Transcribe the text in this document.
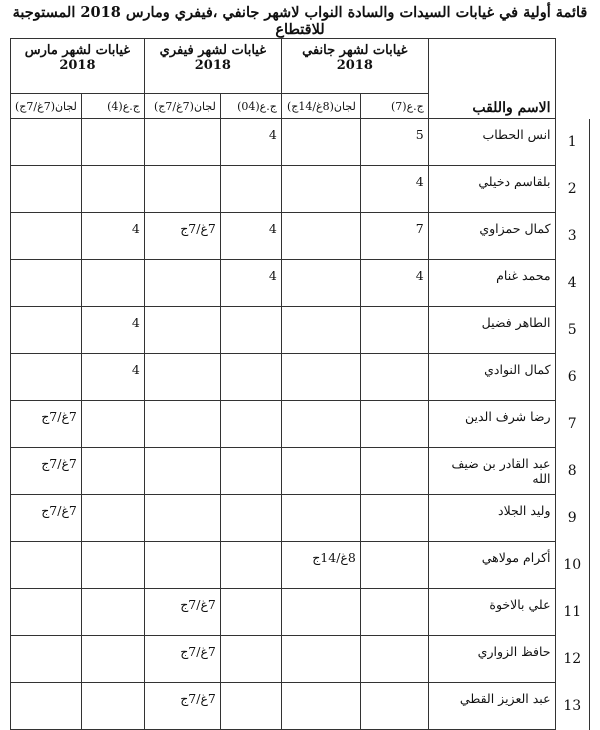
قائمة أولية في غيابات السيدات والسادة النواب لاشهر جانفي ،فيفري ومارس 2018 المستوجبة للاقتطاع
	الاسم واللقب	غيابات لشهر جانفي 2018		غيابات لشهر فيفري 2018		غيابات لشهر مارس 2018	
		ج.ع(7)	لجان(8غ/14ج)	ج.ع(04)	لجان(7غ/7ج)	ج.ع(4)	لجان(7غ/7ج)
1	انس الحطاب	5		4			
2	بلقاسم دخيلي	4					
3	كمال حمزاوي	7		4	7غ/7ج	4	
4	محمد غنام	4		4			
5	الطاهر فضيل					4	
6	كمال النوادي					4	
7	رضا شرف الدين						7غ/7ج
8	عبد القادر بن ضيف الله						7غ/7ج
9	وليد الجلاد						7غ/7ج
10	أكرام مولاهي		8غ/14ج				
11	علي بالاخوة				7غ/7ج		
12	حافظ الزواري				7غ/7ج		
13	عبد العزيز القطي				7غ/7ج		
